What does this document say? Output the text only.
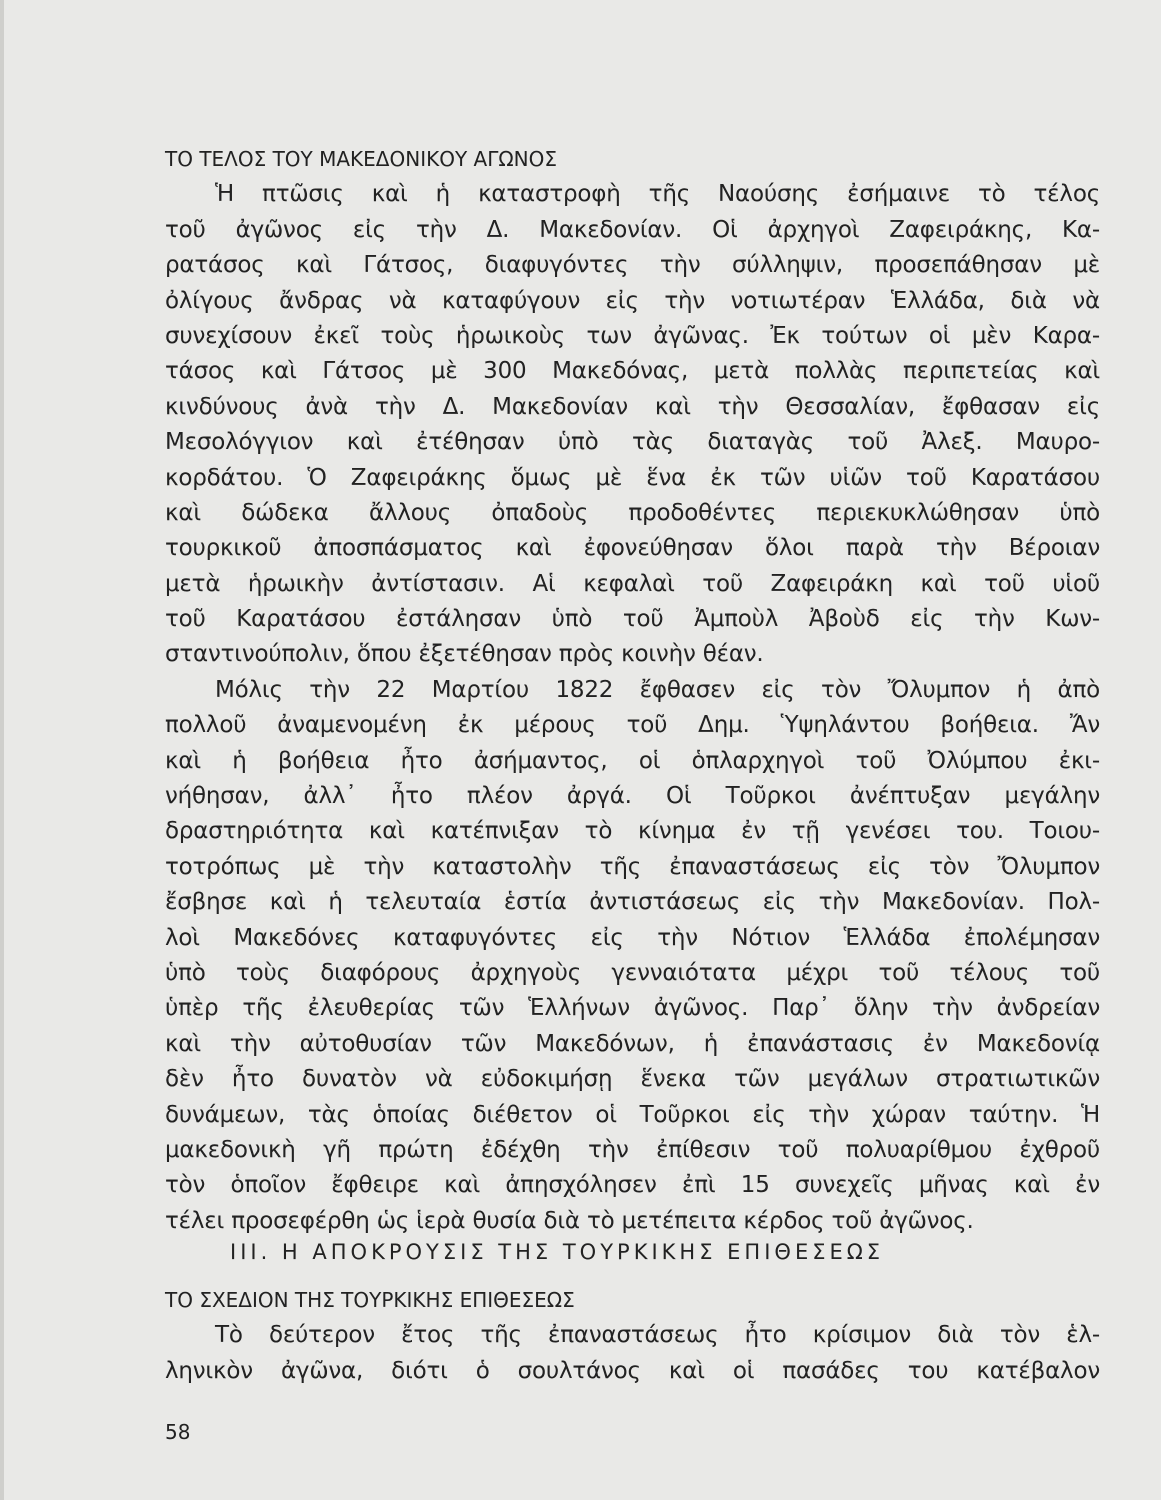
ΤΟ ΤΕΛΟΣ ΤΟΥ ΜΑΚΕΔΟΝΙΚΟΥ ΑΓΩΝΟΣ
Ἡ πτῶσις καὶ ἡ καταστροφὴ τῆς Ναούσης ἐσήμαινε τὸ τέλος
τοῦ ἀγῶνος εἰς τὴν Δ. Μακεδονίαν. Οἱ ἀρχηγοὶ Ζαφειράκης, Κα-
ρατάσος καὶ Γάτσος, διαφυγόντες τὴν σύλληψιν, προσεπάθησαν μὲ
ὀλίγους ἄνδρας νὰ καταφύγουν εἰς τὴν νοτιωτέραν Ἑλλάδα, διὰ νὰ
συνεχίσουν ἐκεῖ τοὺς ἡρωικοὺς των ἀγῶνας. Ἐκ τούτων οἱ μὲν Καρα-
τάσος καὶ Γάτσος μὲ 300 Μακεδόνας, μετὰ πολλὰς περιπετείας καὶ
κινδύνους ἀνὰ τὴν Δ. Μακεδονίαν καὶ τὴν Θεσσαλίαν, ἔφθασαν εἰς
Μεσολόγγιον καὶ ἐτέθησαν ὑπὸ τὰς διαταγὰς τοῦ Ἀλεξ. Μαυρο-
κορδάτου. Ὁ Ζαφειράκης ὅμως μὲ ἕνα ἐκ τῶν υἱῶν τοῦ Καρατάσου
καὶ δώδεκα ἄλλους ὀπαδοὺς προδοθέντες περιεκυκλώθησαν ὑπὸ
τουρκικοῦ ἀποσπάσματος καὶ ἐφονεύθησαν ὅλοι παρὰ τὴν Βέροιαν
μετὰ ἡρωικὴν ἀντίστασιν. Αἱ κεφαλαὶ τοῦ Ζαφειράκη καὶ τοῦ υἱοῦ
τοῦ Καρατάσου ἐστάλησαν ὑπὸ τοῦ Ἀμποὺλ Ἀβοὺδ εἰς τὴν Κων-
σταντινούπολιν, ὅπου ἐξετέθησαν πρὸς κοινὴν θέαν.
Μόλις τὴν 22 Μαρτίου 1822 ἔφθασεν εἰς τὸν Ὄλυμπον ἡ ἀπὸ
πολλοῦ ἀναμενομένη ἐκ μέρους τοῦ Δημ. Ὑψηλάντου βοήθεια. Ἄν
καὶ ἡ βοήθεια ἦτο ἀσήμαντος, οἱ ὁπλαρχηγοὶ τοῦ Ὀλύμπου ἐκι-
νήθησαν, ἀλλ᾽ ἦτο πλέον ἀργά. Οἱ Τοῦρκοι ἀνέπτυξαν μεγάλην
δραστηριότητα καὶ κατέπνιξαν τὸ κίνημα ἐν τῇ γενέσει του. Τοιου-
τοτρόπως μὲ τὴν καταστολὴν τῆς ἐπαναστάσεως εἰς τὸν Ὄλυμπον
ἔσβησε καὶ ἡ τελευταία ἑστία ἀντιστάσεως εἰς τὴν Μακεδονίαν. Πολ-
λοὶ Μακεδόνες καταφυγόντες εἰς τὴν Νότιον Ἑλλάδα ἐπολέμησαν
ὑπὸ τοὺς διαφόρους ἀρχηγοὺς γενναιότατα μέχρι τοῦ τέλους τοῦ
ὑπὲρ τῆς ἐλευθερίας τῶν Ἑλλήνων ἀγῶνος. Παρ᾽ ὅλην τὴν ἀνδρείαν
καὶ τὴν αὐτοθυσίαν τῶν Μακεδόνων, ἡ ἐπανάστασις ἐν Μακεδονίᾳ
δὲν ἦτο δυνατὸν νὰ εὐδοκιμήσῃ ἕνεκα τῶν μεγάλων στρατιωτικῶν
δυνάμεων, τὰς ὁποίας διέθετον οἱ Τοῦρκοι εἰς τὴν χώραν ταύτην. Ἡ
μακεδονικὴ γῆ πρώτη ἐδέχθη τὴν ἐπίθεσιν τοῦ πολυαρίθμου ἐχθροῦ
τὸν ὁποῖον ἔφθειρε καὶ ἀπησχόλησεν ἐπὶ 15 συνεχεῖς μῆνας καὶ ἐν
τέλει προσεφέρθη ὡς ἱερὰ θυσία διὰ τὸ μετέπειτα κέρδος τοῦ ἀγῶνος.
ΙΙΙ. Η ΑΠΟΚΡΟΥΣΙΣ ΤΗΣ ΤΟΥΡΚΙΚΗΣ ΕΠΙΘΕΣΕΩΣ
ΤΟ ΣΧΕΔΙΟΝ ΤΗΣ ΤΟΥΡΚΙΚΗΣ ΕΠΙΘΕΣΕΩΣ
Τὸ δεύτερον ἔτος τῆς ἐπαναστάσεως ἦτο κρίσιμον διὰ τὸν ἑλ-
ληνικὸν ἀγῶνα, διότι ὁ σουλτάνος καὶ οἱ πασάδες του κατέβαλον
58
